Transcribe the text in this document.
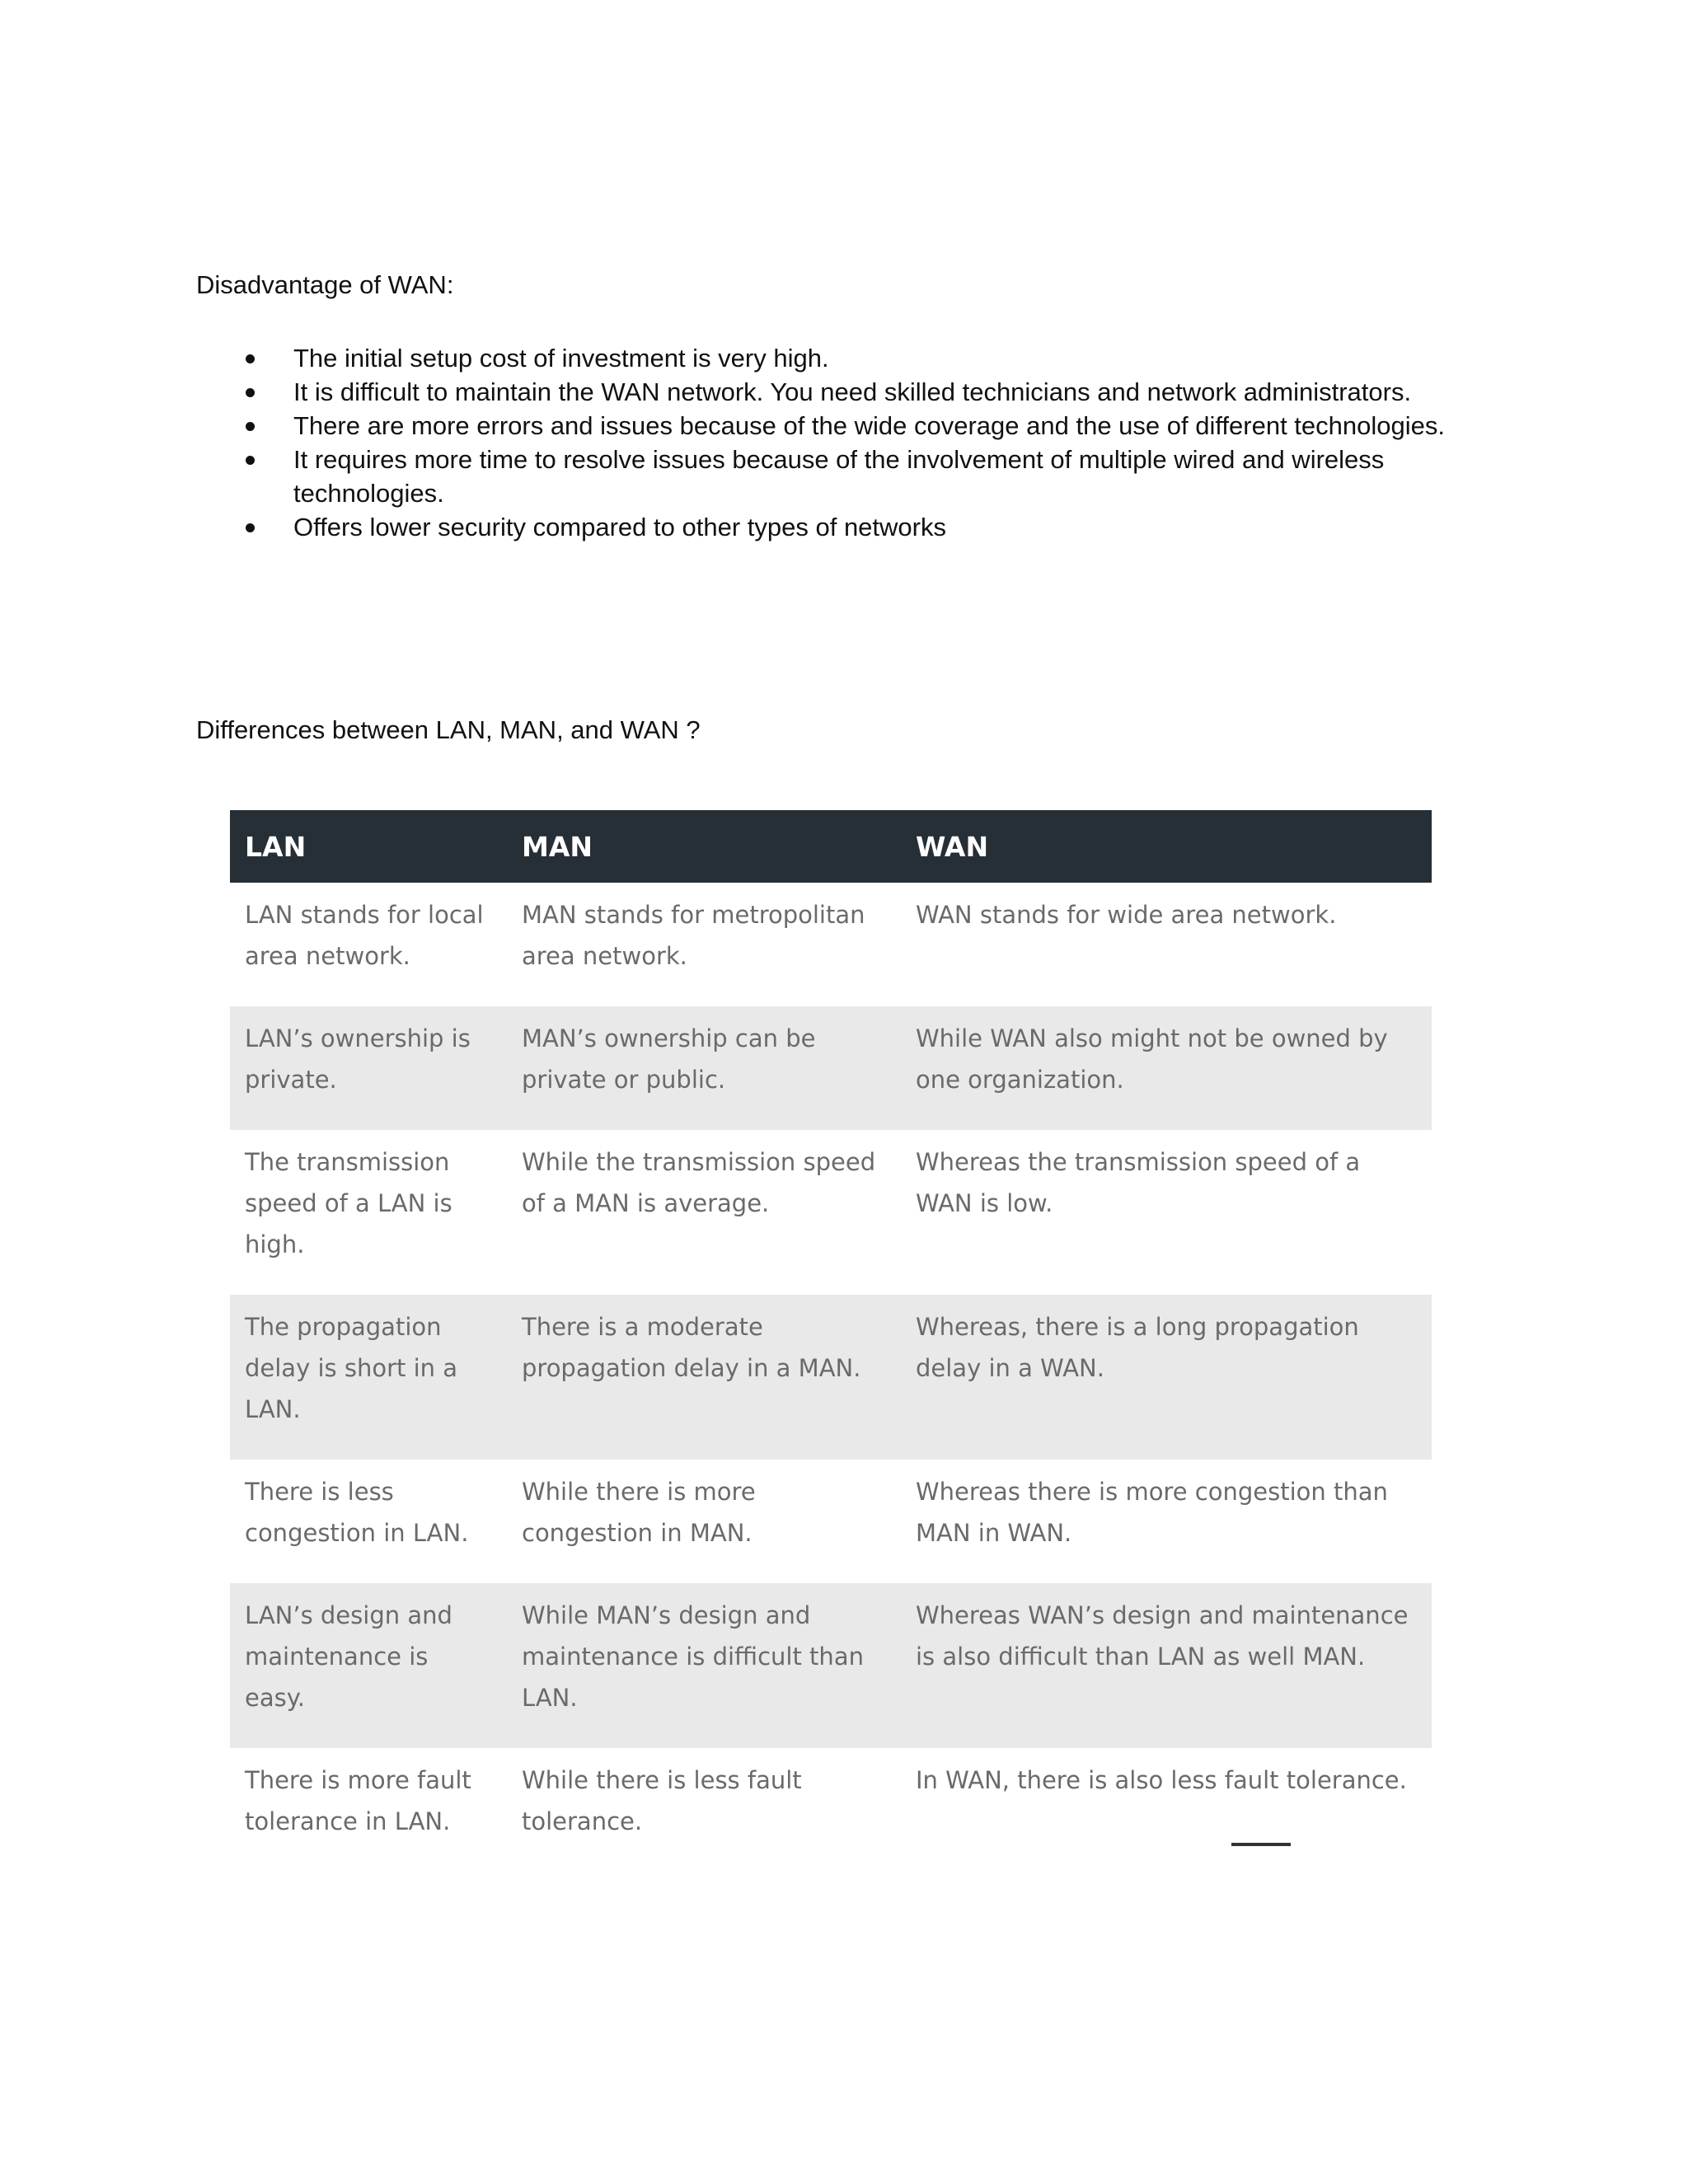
Disadvantage of WAN:

The initial setup cost of investment is very high.
It is difficult to maintain the WAN network. You need skilled technicians and network administrators.
There are more errors and issues because of the wide coverage and the use of different technologies.
It requires more time to resolve issues because of the involvement of multiple wired and wireless technologies.
Offers lower security compared to other types of networks

Differences between LAN, MAN, and WAN ?

LAN	MAN	WAN
LAN stands for local area network.	MAN stands for metropolitan area network.	WAN stands for wide area network.
LAN’s ownership is private.	MAN’s ownership can be private or public.	While WAN also might not be owned by one organization.
The transmission speed of a LAN is high.	While the transmission speed of a MAN is average.	Whereas the transmission speed of a WAN is low.
The propagation delay is short in a LAN.	There is a moderate propagation delay in a MAN.	Whereas, there is a long propagation delay in a WAN.
There is less congestion in LAN.	While there is more congestion in MAN.	Whereas there is more congestion than MAN in WAN.
LAN’s design and maintenance is easy.	While MAN’s design and maintenance is difficult than LAN.	Whereas WAN’s design and maintenance is also difficult than LAN as well MAN.
There is more fault tolerance in LAN.	While there is less fault tolerance.	In WAN, there is also less fault tolerance.
